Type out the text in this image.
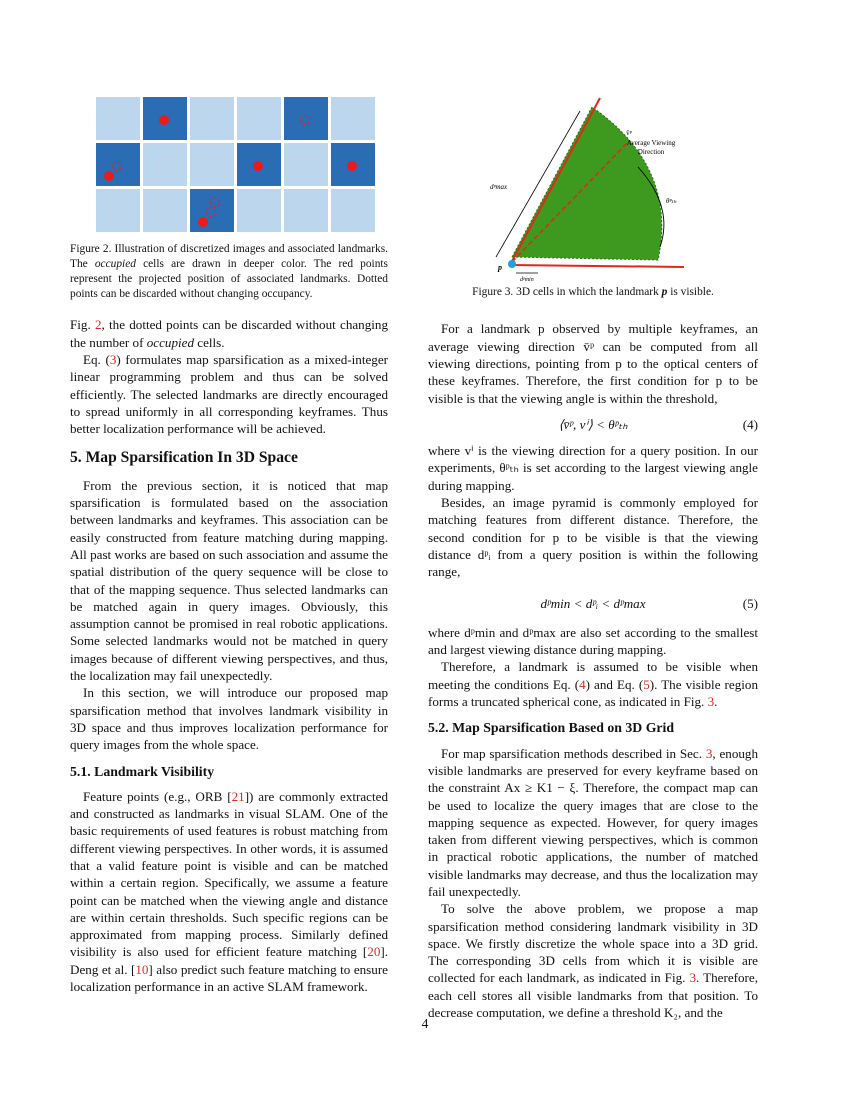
Figure 2. Illustration of discretized images and associated landmarks. The occupied cells are drawn in deeper color. The red points represent the projected position of associated landmarks. Dotted points can be discarded without changing occupancy.

Fig. 2, the dotted points can be discarded without changing the number of occupied cells.

Eq. (3) formulates map sparsification as a mixed-integer linear programming problem and thus can be solved efficiently. The selected landmarks are directly encouraged to spread uniformly in all corresponding keyframes. Thus better localization performance will be achieved.

5. Map Sparsification In 3D Space

From the previous section, it is noticed that map sparsification is formulated based on the association between landmarks and keyframes. This association can be easily constructed from feature matching during mapping. All past works are based on such association and assume the spatial distribution of the query sequence will be close to that of the mapping sequence. Thus selected landmarks can be matched again in query images. Obviously, this assumption cannot be promised in real robotic applications. Some selected landmarks would not be matched in query images because of different viewing perspectives, and thus, the localization may fail unexpectedly.

In this section, we will introduce our proposed map sparsification method that involves landmark visibility in 3D space and thus improves localization performance for query images from the whole space.

5.1. Landmark Visibility

Feature points (e.g., ORB [21]) are commonly extracted and constructed as landmarks in visual SLAM. One of the basic requirements of used features is robust matching from different viewing perspectives. In other words, it is assumed that a valid feature point is visible and can be matched within a certain region. Specifically, we assume a feature point can be matched when the viewing angle and distance are within certain thresholds. Such specific regions can be approximated from mapping process. Similarly defined visibility is also used for efficient feature matching [20]. Deng et al. [10] also predict such feature matching to ensure localization performance in an active SLAM framework.

v̄ᵖ
Average Viewing
Direction
θᵖₜₕ
dᵖmax
dᵖmin
p
Figure 3. 3D cells in which the landmark p is visible.

For a landmark p observed by multiple keyframes, an average viewing direction v̄ᵖ can be computed from all viewing directions, pointing from p to the optical centers of these keyframes. Therefore, the first condition for p to be visible is that the viewing angle is within the threshold,

⟨v̄ᵖ, vⁱ⟩ < θᵖₜₕ	(4)

where vⁱ is the viewing direction for a query position. In our experiments, θᵖₜₕ is set according to the largest viewing angle during mapping.

Besides, an image pyramid is commonly employed for matching features from different distance. Therefore, the second condition for p to be visible is that the viewing distance dᵖᵢ from a query position is within the following range,

dᵖmin < dᵖᵢ < dᵖmax	(5)

where dᵖmin and dᵖmax are also set according to the smallest and largest viewing distance during mapping.

Therefore, a landmark is assumed to be visible when meeting the conditions Eq. (4) and Eq. (5). The visible region forms a truncated spherical cone, as indicated in Fig. 3.

5.2. Map Sparsification Based on 3D Grid

For map sparsification methods described in Sec. 3, enough visible landmarks are preserved for every keyframe based on the constraint Ax ≥ K1 − ξ. Therefore, the compact map can be used to localize the query images that are close to the mapping sequence as expected. However, for query images taken from different viewing perspectives, which is common in practical robotic applications, the number of matched visible landmarks may decrease, and thus the localization may fail unexpectedly.

To solve the above problem, we propose a map sparsification method considering landmark visibility in 3D space. We firstly discretize the whole space into a 3D grid. The corresponding 3D cells from which it is visible are collected for each landmark, as indicated in Fig. 3. Therefore, each cell stores all visible landmarks from that position. To decrease computation, we define a threshold K₂, and the

4
